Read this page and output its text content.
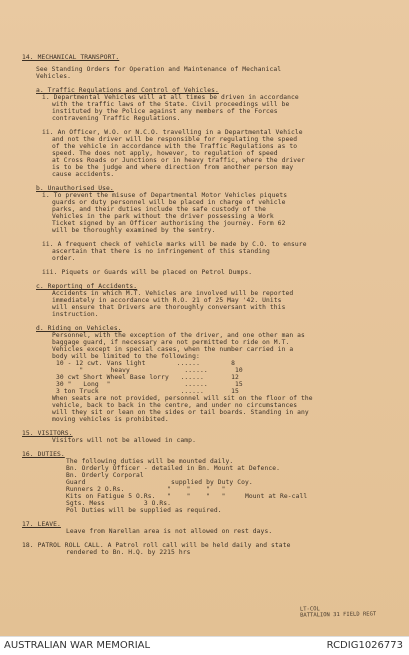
14. MECHANICAL TRANSPORT.
See Standing Orders for Operation and Maintenance of Mechanical
Vehicles.
a. Traffic Regulations and Control of Vehicles.
i. Departmental Vehicles will at all times be driven in accordance
with the traffic laws of the State. Civil proceedings will be
instituted by the Police against any members of the Forces
contravening Traffic Regulations.
ii. An Officer, W.O. or N.C.O. travelling in a Departmental Vehicle
and not the driver will be responsible for regulating the speed
of the vehicle in accordance with the Traffic Regulations as to
speed. The does not apply, however, to regulation of speed
at Cross Roads or Junctions or in heavy traffic, where the driver
is to be the judge and where direction from another person may
cause accidents.
b. Unauthorised Use.
i. To prevent the misuse of Departmental Motor Vehicles piquets
guards or duty personnel will be placed in charge of vehicle
parks, and their duties include the safe custody of the
Vehicles in the park without the driver possessing a Work
Ticket signed by an Officer authorising the journey. Form 62
will be thoroughly examined by the sentry.
ii. A frequent check of vehicle marks will be made by C.O. to ensure
ascertain that there is no infringement of this standing
order.
iii. Piquets or Guards will be placed on Petrol Dumps.
c. Reporting of Accidents.
Accidents in which M.T. Vehicles are involved will be reported
immediately in accordance with R.O. 21 of 25 May '42. Units
will ensure that Drivers are thoroughly conversant with this
instruction.
d. Riding on Vehicles.
Personnel, with the exception of the driver, and one other man as
baggage guard, if necessary are not permitted to ride on M.T.
Vehicles except in special cases, when the number carried in a
body will be limited to the following:
10 - 12 cwt. Vans light        ......        8
"       heavy              ......       10
30 cwt Short Wheel Base lorry   ......       12
30 "   Long  "                   ......       15
3 ton Truck                     ......       15
When seats are not provided, personnel will sit on the floor of the
vehicle, back to back in the centre, and under no circumstances
will they sit or lean on the sides or tail boards. Standing in any
moving vehicles is prohibited.
15. VISITORS.
Visitors will not be allowed in camp.
16. DUTIES.
The following duties will be mounted daily.
Bn. Orderly Officer - detailed in Bn. Mount at Defence.
Bn. Orderly Corporal
Guard                      supplied by Duty Coy.
Runners 2 O.Rs.           "    "    "   "
Kits on Fatigue 5 O.Rs.   "    "    "   "     Mount at Re-call
Sgts. Mess          3 O.Rs.
Pol Duties will be supplied as required.
17. LEAVE.
Leave from Narellan area is not allowed on rest days.
18. PATROL ROLL CALL. A Patrol roll call will be held daily and state
rendered to Bn. H.Q. by 2215 hrs
LT-COL
BATTALION 31 FIELD REGT
AUSTRALIAN WAR MEMORIAL	RCDIG1026773
